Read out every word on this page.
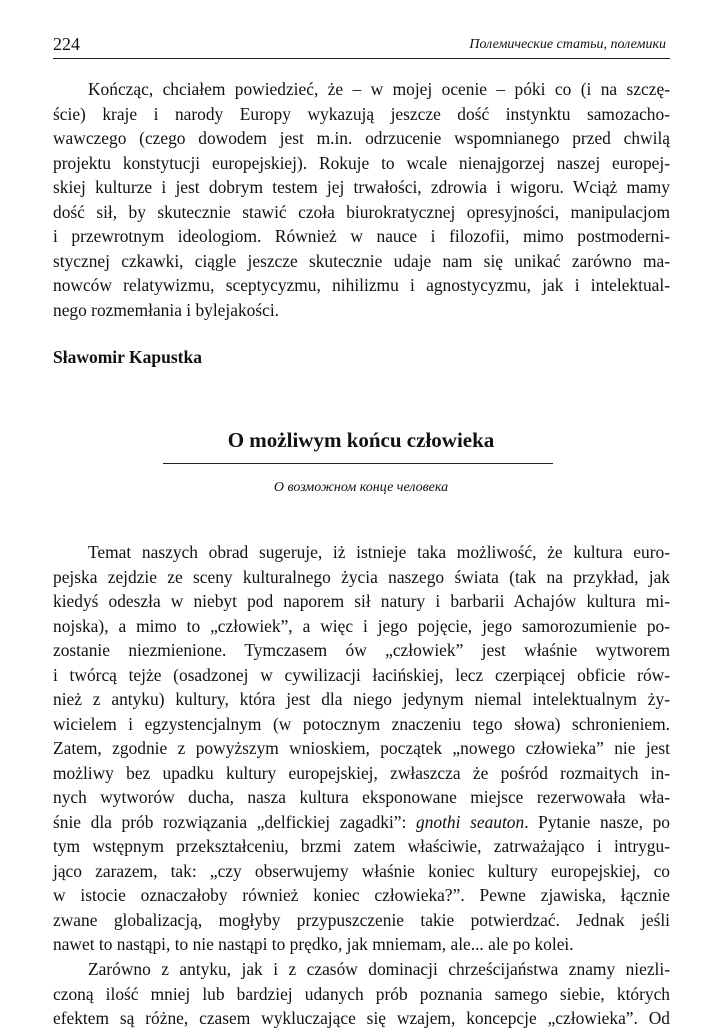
224	Полемические статьи, полемики

Kończąc, chciałem powiedzieć, że – w mojej ocenie – póki co (i na szczę-
ście) kraje i narody Europy wykazują jeszcze dość instynktu samozacho-
wawczego (czego dowodem jest m.in. odrzucenie wspomnianego przed chwilą
projektu konstytucji europejskiej). Rokuje to wcale nienajgorzej naszej europej-
skiej kulturze i jest dobrym testem jej trwałości, zdrowia i wigoru. Wciąż mamy
dość sił, by skutecznie stawić czoła biurokratycznej opresyjności, manipulacjom
i przewrotnym ideologiom. Również w nauce i filozofii, mimo postmoderni-
stycznej czkawki, ciągle jeszcze skutecznie udaje nam się unikać zarówno ma-
nowców relatywizmu, sceptycyzmu, nihilizmu i agnostycyzmu, jak i intelektual-
nego rozmemłania i bylejakości.

Sławomir Kapustka
O możliwym końcu człowieka
О возможном конце человека

Temat naszych obrad sugeruje, iż istnieje taka możliwość, że kultura euro-
pejska zejdzie ze sceny kulturalnego życia naszego świata (tak na przykład, jak
kiedyś odeszła w niebyt pod naporem sił natury i barbarii Achajów kultura mi-
nojska), a mimo to „człowiek”, a więc i jego pojęcie, jego samorozumienie po-
zostanie niezmienione. Tymczasem ów „człowiek” jest właśnie wytworem
i twórcą tejże (osadzonej w cywilizacji łacińskiej, lecz czerpiącej obficie rów-
nież z antyku) kultury, która jest dla niego jedynym niemal intelektualnym ży-
wicielem i egzystencjalnym (w potocznym znaczeniu tego słowa) schronieniem.
Zatem, zgodnie z powyższym wnioskiem, początek „nowego człowieka” nie jest
możliwy bez upadku kultury europejskiej, zwłaszcza że pośród rozmaitych in-
nych wytworów ducha, nasza kultura eksponowane miejsce rezerwowała wła-
śnie dla prób rozwiązania „delfickiej zagadki”: gnothi seauton. Pytanie nasze, po
tym wstępnym przekształceniu, brzmi zatem właściwie, zatrważająco i intrygu-
jąco zarazem, tak: „czy obserwujemy właśnie koniec kultury europejskiej, co
w istocie oznaczałoby również koniec człowieka?”. Pewne zjawiska, łącznie
zwane globalizacją, mogłyby przypuszczenie takie potwierdzać. Jednak jeśli
nawet to nastąpi, to nie nastąpi to prędko, jak mniemam, ale... ale po kolei.

Zarówno z antyku, jak i z czasów dominacji chrześcijaństwa znamy niezli-
czoną ilość mniej lub bardziej udanych prób poznania samego siebie, których
efektem są różne, czasem wykluczające się wzajem, koncepcje „człowieka”. Od
